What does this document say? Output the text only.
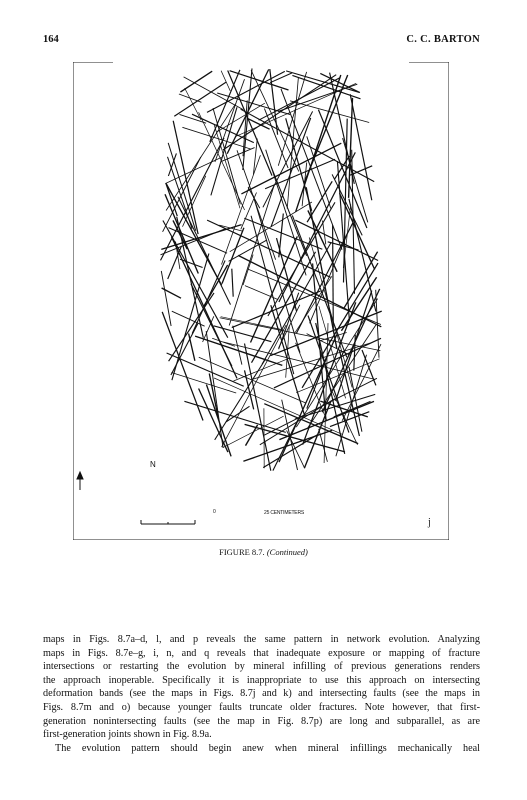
164	C. C. BARTON
N
0	25 CENTIMETERS
j
FIGURE 8.7. (Continued)
maps in Figs. 8.7a–d, l, and p reveals the same pattern in network evolution. Analyzing
maps in Figs. 8.7e–g, i, n, and q reveals that inadequate exposure or mapping of fracture
intersections or restarting the evolution by mineral infilling of previous generations renders
the approach inoperable. Specifically it is inappropriate to use this approach on intersecting
deformation bands (see the maps in Figs. 8.7j and k) and intersecting faults (see the maps in
Figs. 8.7m and o) because younger faults truncate older fractures. Note however, that first-
generation nonintersecting faults (see the map in Fig. 8.7p) are long and subparallel, as are
first-generation joints shown in Fig. 8.9a.
The evolution pattern should begin anew when mineral infillings mechanically heal
